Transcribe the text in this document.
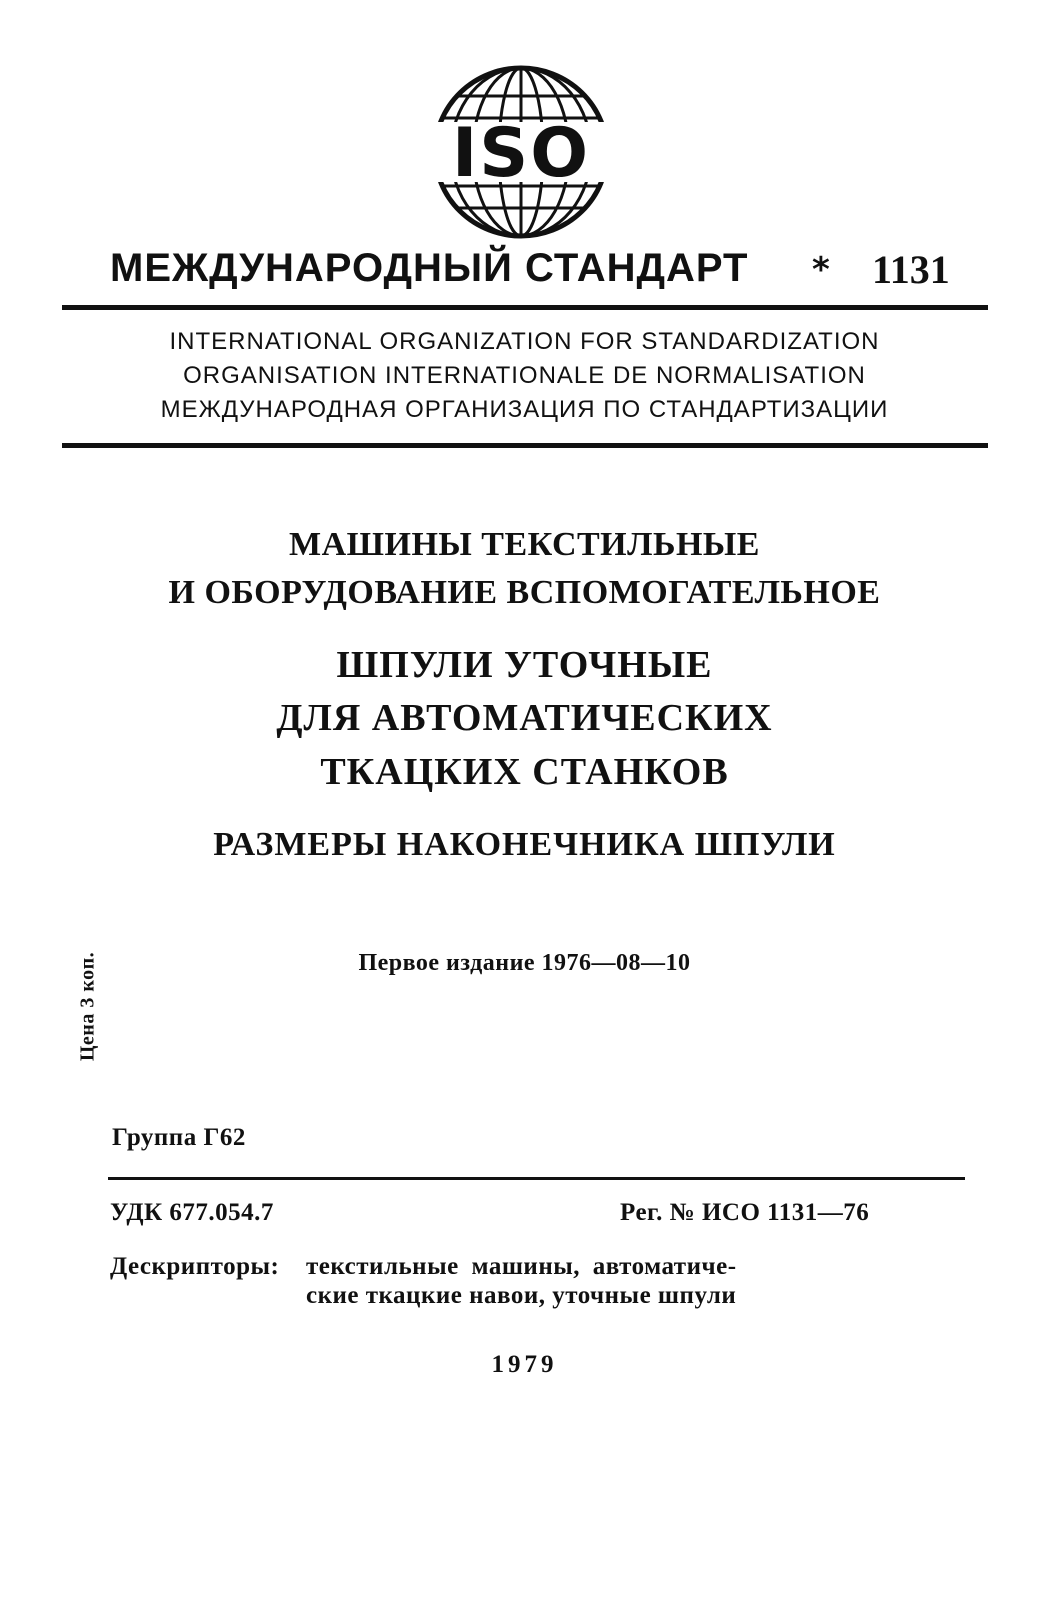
ISO
МЕЖДУНАРОДНЫЙ СТАНДАРТ * 1131
INTERNATIONAL ORGANIZATION FOR STANDARDIZATION
ORGANISATION INTERNATIONALE DE NORMALISATION
МЕЖДУНАРОДНАЯ ОРГАНИЗАЦИЯ ПО СТАНДАРТИЗАЦИИ
МАШИНЫ ТЕКСТИЛЬНЫЕ
И ОБОРУДОВАНИЕ ВСПОМОГАТЕЛЬНОЕ
ШПУЛИ УТОЧНЫЕ
ДЛЯ АВТОМАТИЧЕСКИХ
ТКАЦКИХ СТАНКОВ
РАЗМЕРЫ НАКОНЕЧНИКА ШПУЛИ
Первое издание 1976—08—10
Цена 3 коп.
Группа Г62
УДК 677.054.7	Рег. № ИСО 1131—76
Дескрипторы: текстильные машины, автоматиче-
ские ткацкие навои, уточные шпули
1979
